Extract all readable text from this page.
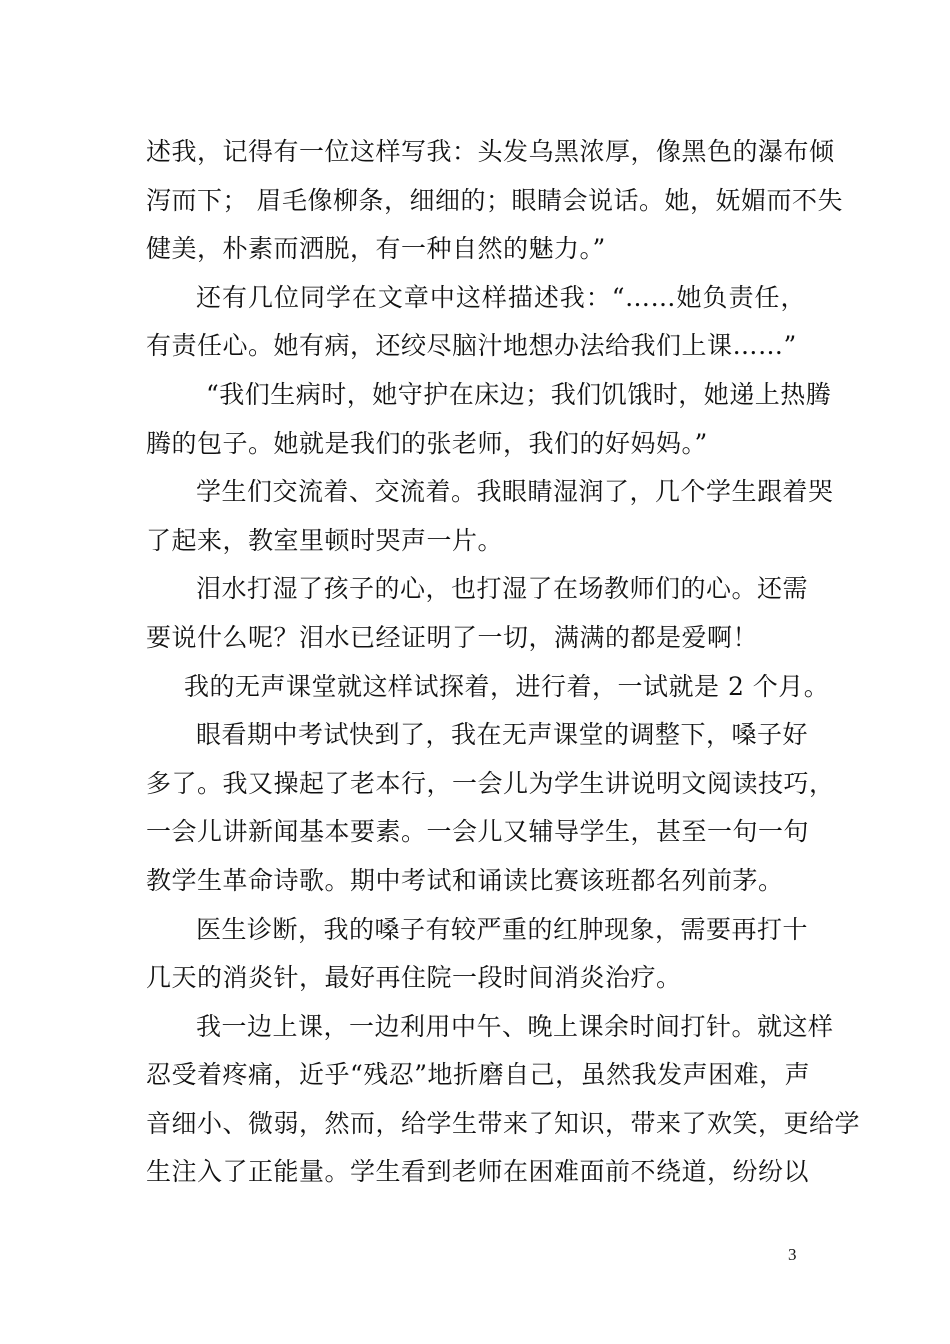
述我，记得有一位这样写我：头发乌黑浓厚，像黑色的瀑布倾
泻而下； 眉毛像柳条，细细的；眼睛会说话。她，妩媚而不失
健美，朴素而洒脱，有一种自然的魅力。”
还有几位同学在文章中这样描述我：“……她负责任，
有责任心。她有病，还绞尽脑汁地想办法给我们上课……”
“我们生病时，她守护在床边；我们饥饿时，她递上热腾
腾的包子。她就是我们的张老师，我们的好妈妈。”
学生们交流着、交流着。我眼睛湿润了，几个学生跟着哭
了起来，教室里顿时哭声一片。
泪水打湿了孩子的心，也打湿了在场教师们的心。还需
要说什么呢？泪水已经证明了一切，满满的都是爱啊！
我的无声课堂就这样试探着，进行着，一试就是 2 个月。
眼看期中考试快到了，我在无声课堂的调整下，嗓子好
多了。我又操起了老本行，一会儿为学生讲说明文阅读技巧，
一会儿讲新闻基本要素。一会儿又辅导学生，甚至一句一句
教学生革命诗歌。期中考试和诵读比赛该班都名列前茅。
医生诊断，我的嗓子有较严重的红肿现象，需要再打十
几天的消炎针，最好再住院一段时间消炎治疗。
我一边上课，一边利用中午、晚上课余时间打针。就这样
忍受着疼痛，近乎“残忍”地折磨自己，虽然我发声困难，声
音细小、微弱，然而，给学生带来了知识，带来了欢笑，更给学
生注入了正能量。学生看到老师在困难面前不绕道，纷纷以
3
